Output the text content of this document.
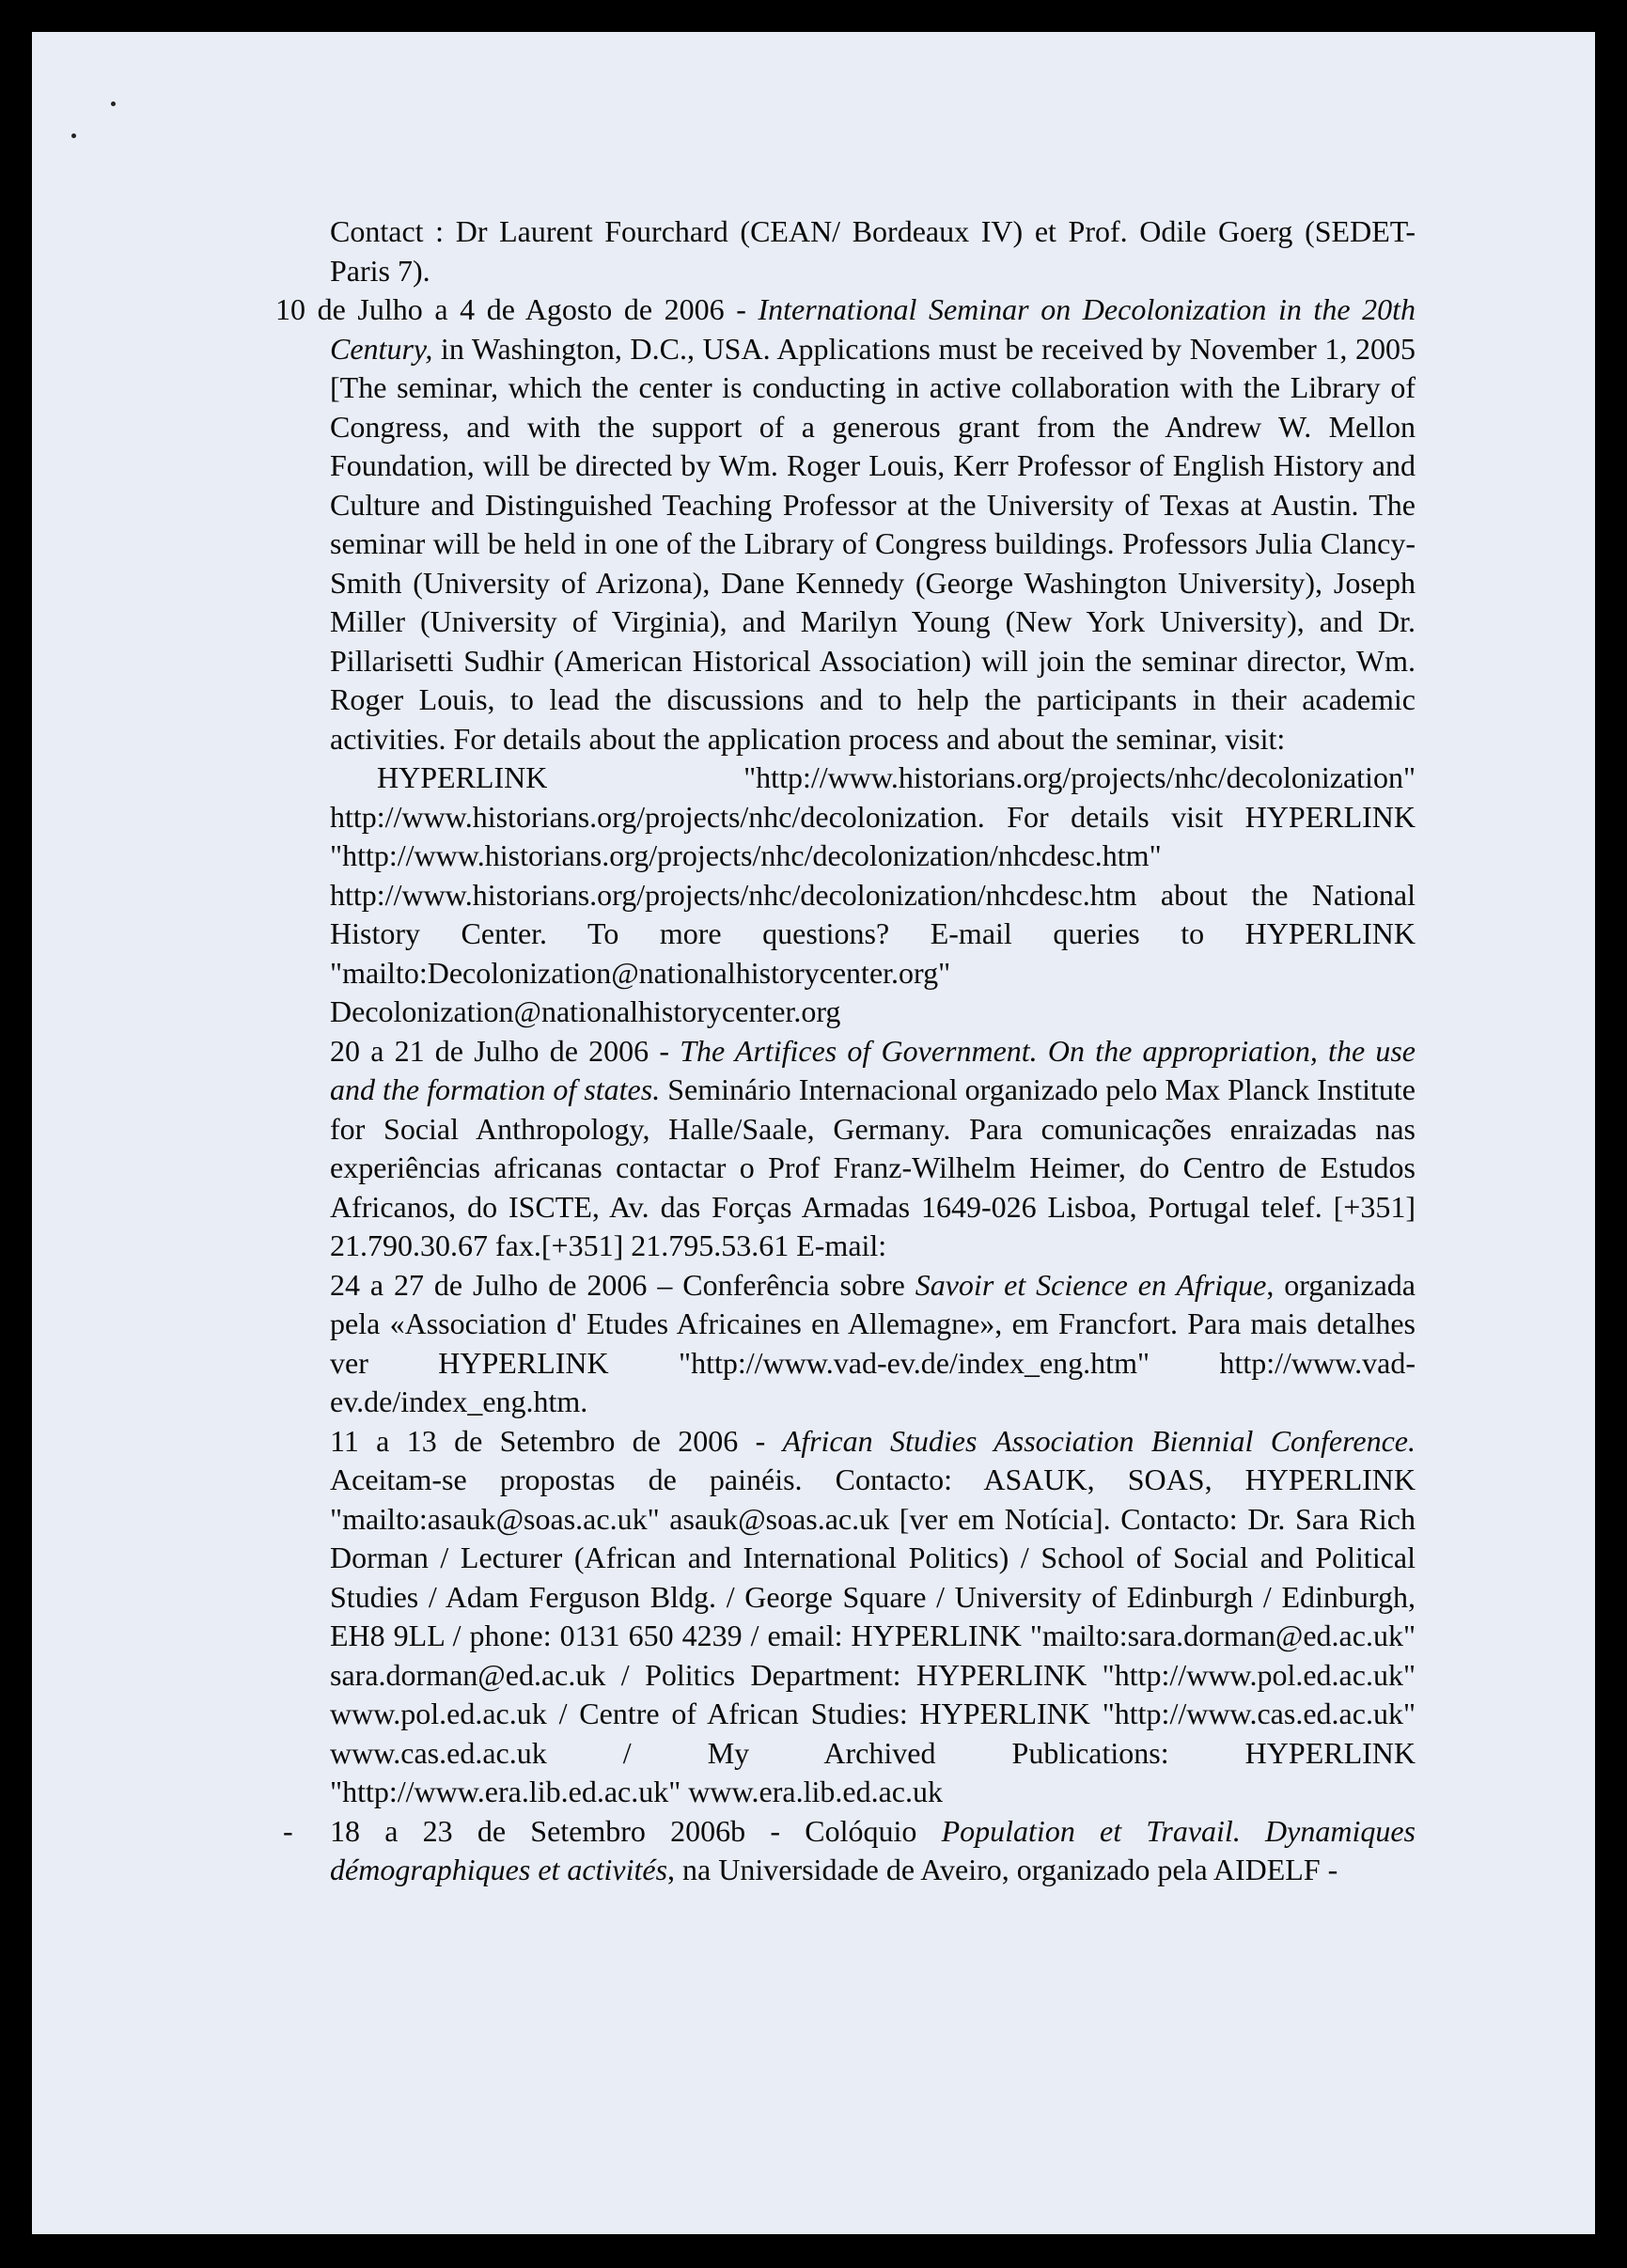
Contact : Dr Laurent Fourchard (CEAN/ Bordeaux IV) et Prof. Odile Goerg (SEDET-Paris 7).

10 de Julho a 4 de Agosto de 2006 - International Seminar on Decolonization in the 20th Century, in Washington, D.C., USA. Applications must be received by November 1, 2005 [The seminar, which the center is conducting in active collaboration with the Library of Congress, and with the support of a generous grant from the Andrew W. Mellon Foundation, will be directed by Wm. Roger Louis, Kerr Professor of English History and Culture and Distinguished Teaching Professor at the University of Texas at Austin. The seminar will be held in one of the Library of Congress buildings. Professors Julia Clancy-Smith (University of Arizona), Dane Kennedy (George Washington University), Joseph Miller (University of Virginia), and Marilyn Young (New York University), and Dr. Pillarisetti Sudhir (American Historical Association) will join the seminar director, Wm. Roger Louis, to lead the discussions and to help the participants in their academic activities. For details about the application process and about the seminar, visit:

HYPERLINK "http://www.historians.org/projects/nhc/decolonization" http://www.historians.org/projects/nhc/decolonization. For details visit HYPERLINK "http://www.historians.org/projects/nhc/decolonization/nhcdesc.htm" http://www.historians.org/projects/nhc/decolonization/nhcdesc.htm about the National History Center. To more questions? E-mail queries to HYPERLINK "mailto:Decolonization@nationalhistorycenter.org" Decolonization@nationalhistorycenter.org

20 a 21 de Julho de 2006 - The Artifices of Government. On the appropriation, the use and the formation of states. Seminário Internacional organizado pelo Max Planck Institute for Social Anthropology, Halle/Saale, Germany. Para comunicações enraizadas nas experiências africanas contactar o Prof Franz-Wilhelm Heimer, do Centro de Estudos Africanos, do ISCTE, Av. das Forças Armadas 1649-026 Lisboa, Portugal telef. [+351] 21.790.30.67 fax.[+351] 21.795.53.61 E-mail:

24 a 27 de Julho de 2006 – Conferência sobre Savoir et Science en Afrique, organizada pela «Association d' Etudes Africaines en Allemagne», em Francfort. Para mais detalhes ver HYPERLINK "http://www.vad-ev.de/index_eng.htm" http://www.vad-ev.de/index_eng.htm.

11 a 13 de Setembro de 2006 - African Studies Association Biennial Conference. Aceitam-se propostas de painéis. Contacto: ASAUK, SOAS, HYPERLINK "mailto:asauk@soas.ac.uk" asauk@soas.ac.uk [ver em Notícia]. Contacto: Dr. Sara Rich Dorman / Lecturer (African and International Politics) / School of Social and Political Studies / Adam Ferguson Bldg. / George Square / University of Edinburgh / Edinburgh, EH8 9LL / phone: 0131 650 4239 / email: HYPERLINK "mailto:sara.dorman@ed.ac.uk" sara.dorman@ed.ac.uk / Politics Department: HYPERLINK "http://www.pol.ed.ac.uk" www.pol.ed.ac.uk / Centre of African Studies: HYPERLINK "http://www.cas.ed.ac.uk" www.cas.ed.ac.uk / My Archived Publications: HYPERLINK "http://www.era.lib.ed.ac.uk" www.era.lib.ed.ac.uk

- 18 a 23 de Setembro 2006b - Colóquio Population et Travail. Dynamiques démographiques et activités, na Universidade de Aveiro, organizado pela AIDELF -
